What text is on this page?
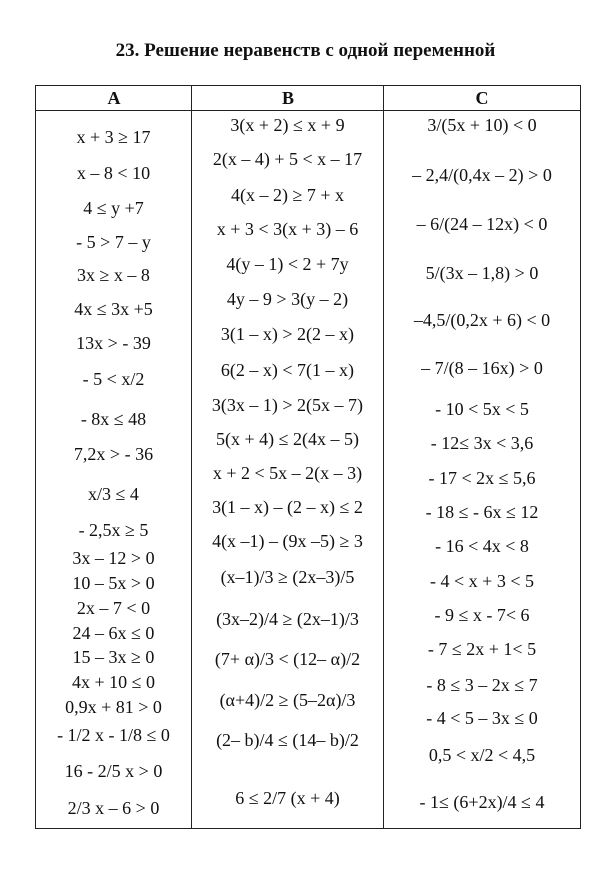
23. Решение неравенств с одной переменной
A	B	C
x + 3 ≥ 17
x – 8 < 10
4 ≤ y +7
- 5 > 7 – y
3x ≥ x – 8
4x ≤ 3x +5
13x > - 39
- 5 < x/2
- 8x ≤ 48
7,2x > - 36
x/3 ≤ 4
- 2,5x ≥ 5
3x – 12 > 0
10 – 5x > 0
2x – 7 < 0
24 – 6x ≤ 0
15 – 3x ≥ 0
4x + 10 ≤ 0
0,9x + 81 > 0
- 1/2 x - 1/8 ≤ 0
16 - 2/5 x > 0
2/3 x – 6 > 0
3(x + 2) ≤ x + 9
2(x – 4) + 5 < x – 17
4(x – 2) ≥ 7 + x
x + 3 < 3(x + 3) – 6
4(y – 1) < 2 + 7y
4y – 9 > 3(y – 2)
3(1 – x) > 2(2 – x)
6(2 – x) < 7(1 – x)
3(3x – 1) > 2(5x – 7)
5(x + 4) ≤ 2(4x – 5)
x + 2 < 5x – 2(x – 3)
3(1 – x) – (2 – x) ≤ 2
4(x –1) – (9x –5) ≥ 3
(x–1)/3 ≥ (2x–3)/5
(3x–2)/4 ≥ (2x–1)/3
(7+ α)/3 < (12– α)/2
(α+4)/2 ≥ (5–2α)/3
(2– b)/4 ≤ (14– b)/2
6 ≤ 2/7 (x + 4)
3/(5x + 10) < 0
– 2,4/(0,4x – 2) > 0
– 6/(24 – 12x) < 0
5/(3x – 1,8) > 0
–4,5/(0,2x + 6) < 0
– 7/(8 – 16x) > 0
- 10 < 5x < 5
- 12≤ 3x < 3,6
- 17 < 2x ≤ 5,6
- 18 ≤ - 6x ≤ 12
- 16 < 4x < 8
- 4 < x + 3 < 5
- 9 ≤ x - 7< 6
- 7 ≤ 2x + 1< 5
- 8 ≤ 3 – 2x ≤ 7
- 4 < 5 – 3x ≤ 0
0,5 < x/2 < 4,5
- 1≤ (6+2x)/4 ≤ 4
